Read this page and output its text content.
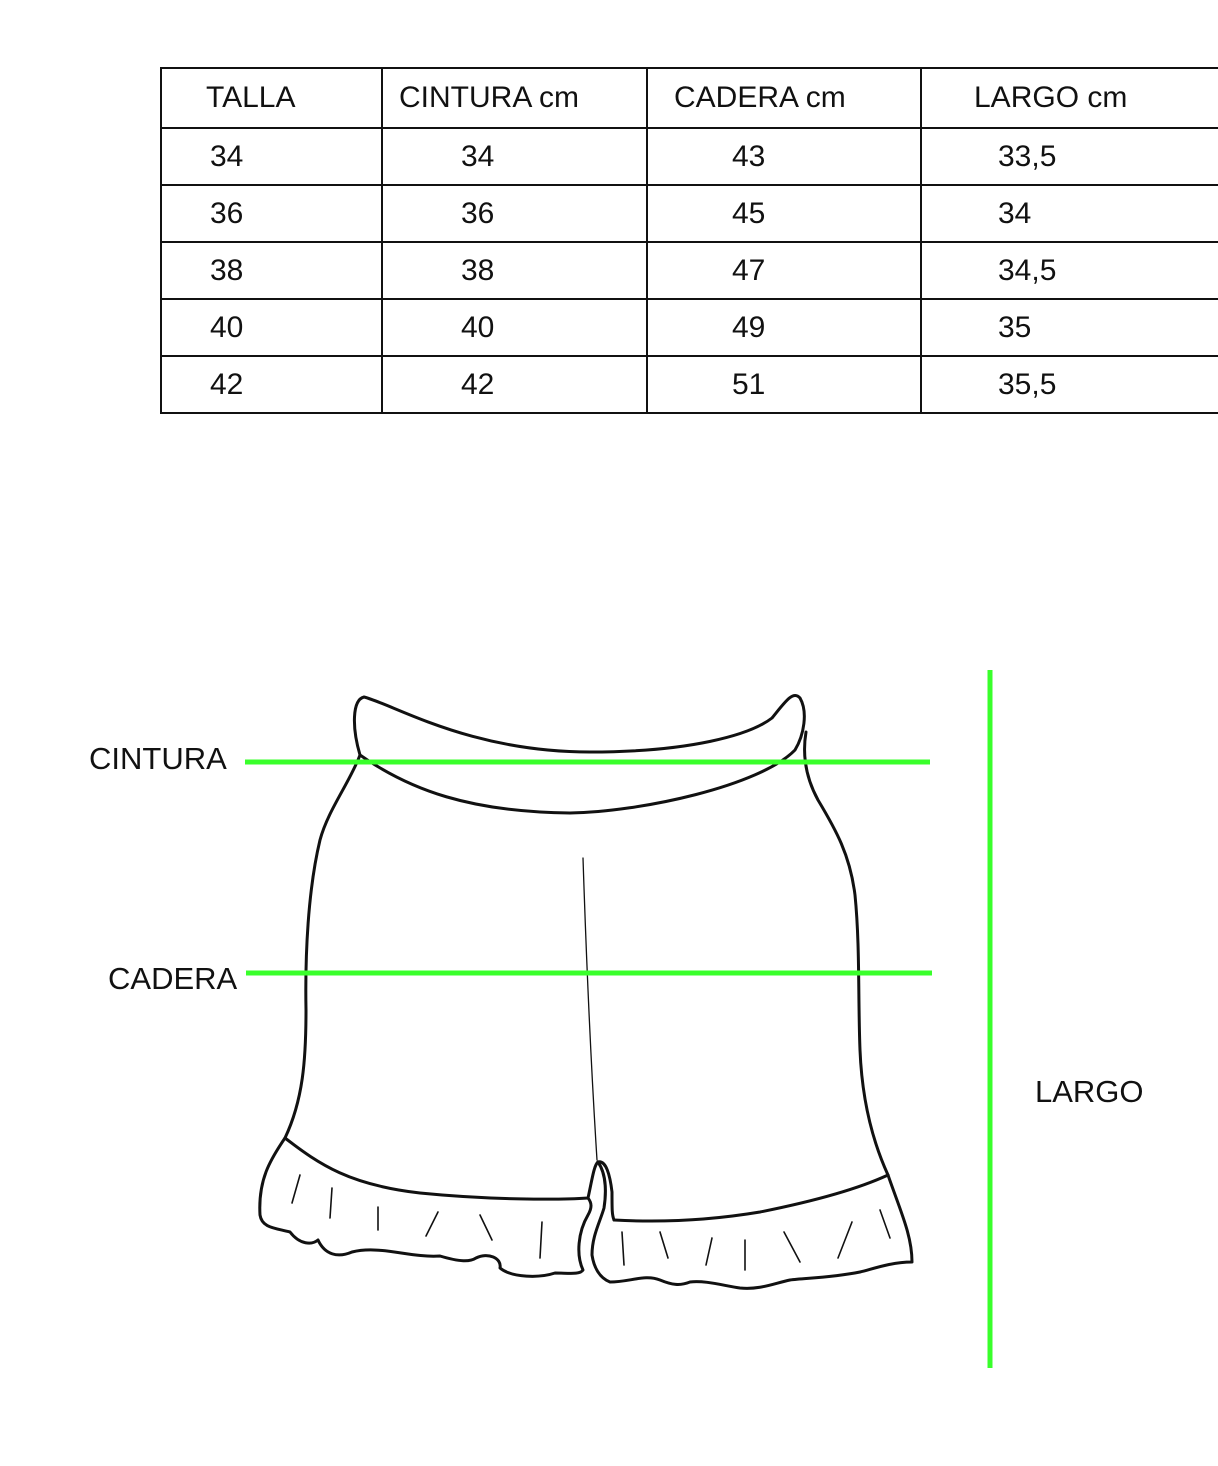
TALLA	CINTURA cm	CADERA cm	LARGO cm
34	34	43	33,5
36	36	45	34
38	38	47	34,5
40	40	49	35
42	42	51	35,5
CINTURA
CADERA
LARGO
